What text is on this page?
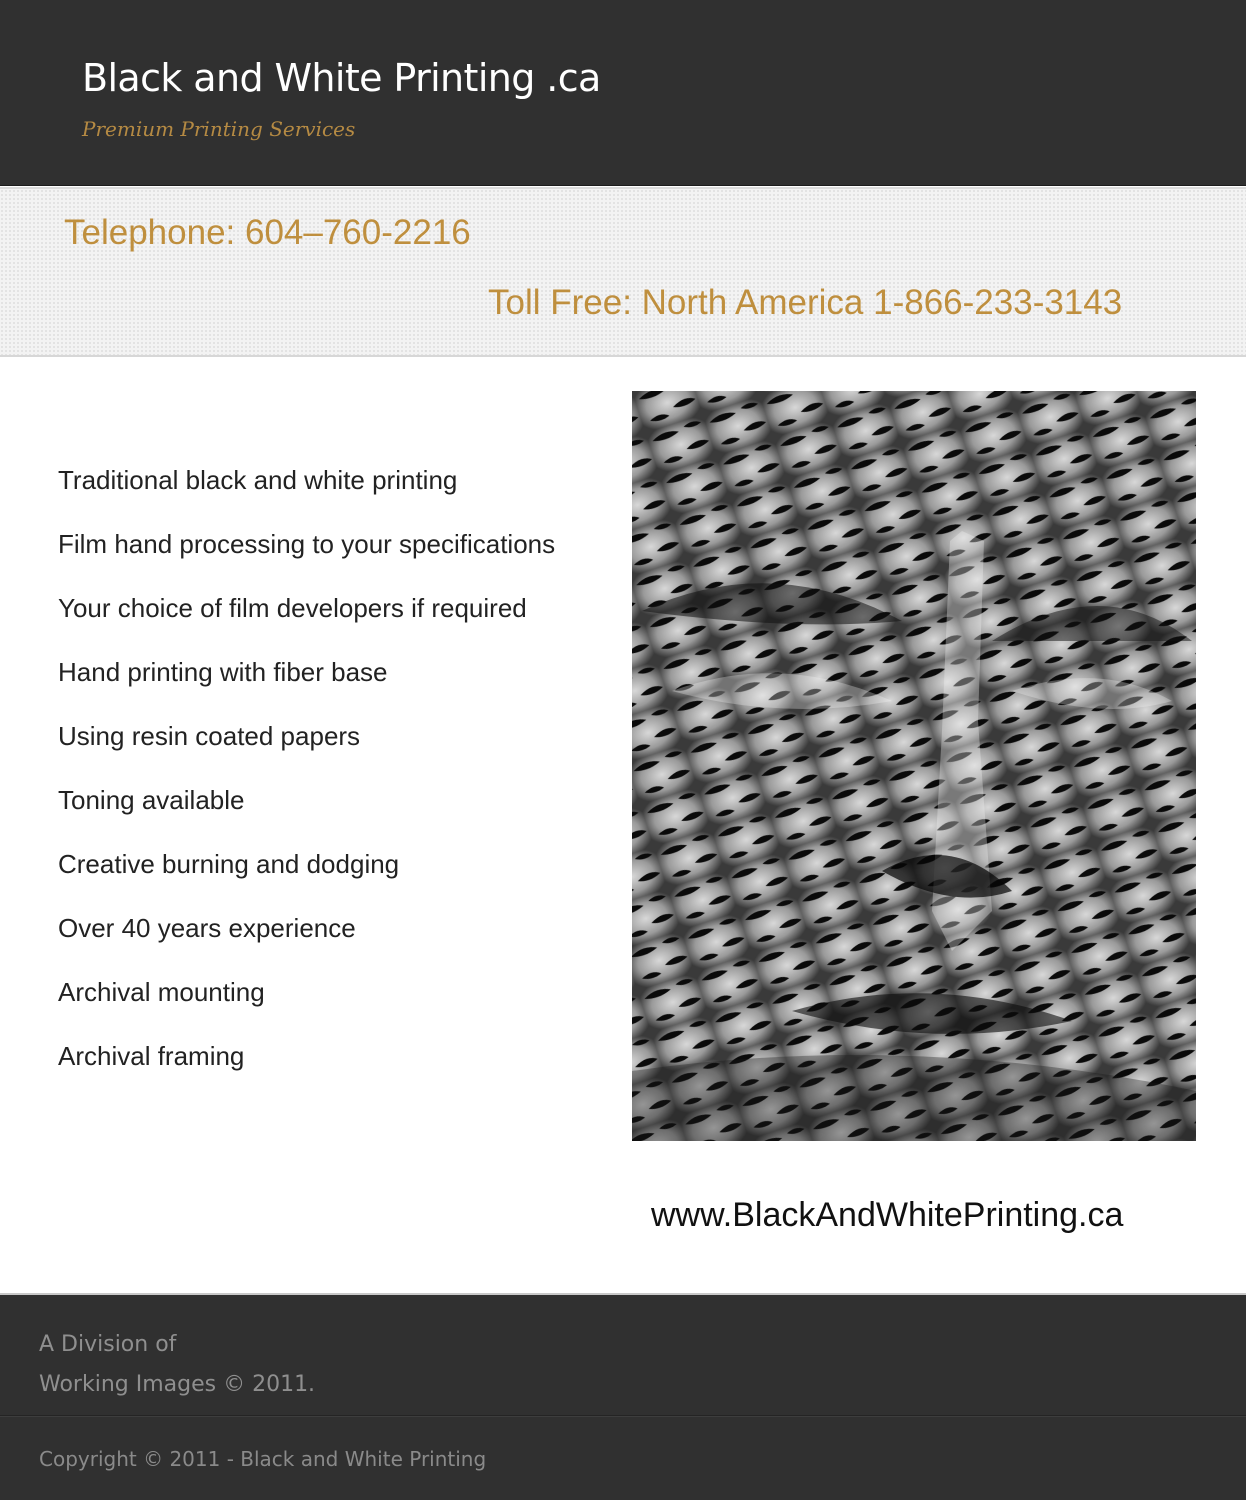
Black and White Printing .ca
Premium Printing Services
Telephone: 604–760-2216
Toll Free: North America 1-866-233-3143
Traditional black and white printing
Film hand processing to your specifications
Your choice of film developers if required
Hand printing with fiber base
Using resin coated papers
Toning available
Creative burning and dodging
Over 40 years experience
Archival mounting
Archival framing
www.BlackAndWhitePrinting.ca
A Division of
Working Images © 2011.
Copyright © 2011 - Black and White Printing
